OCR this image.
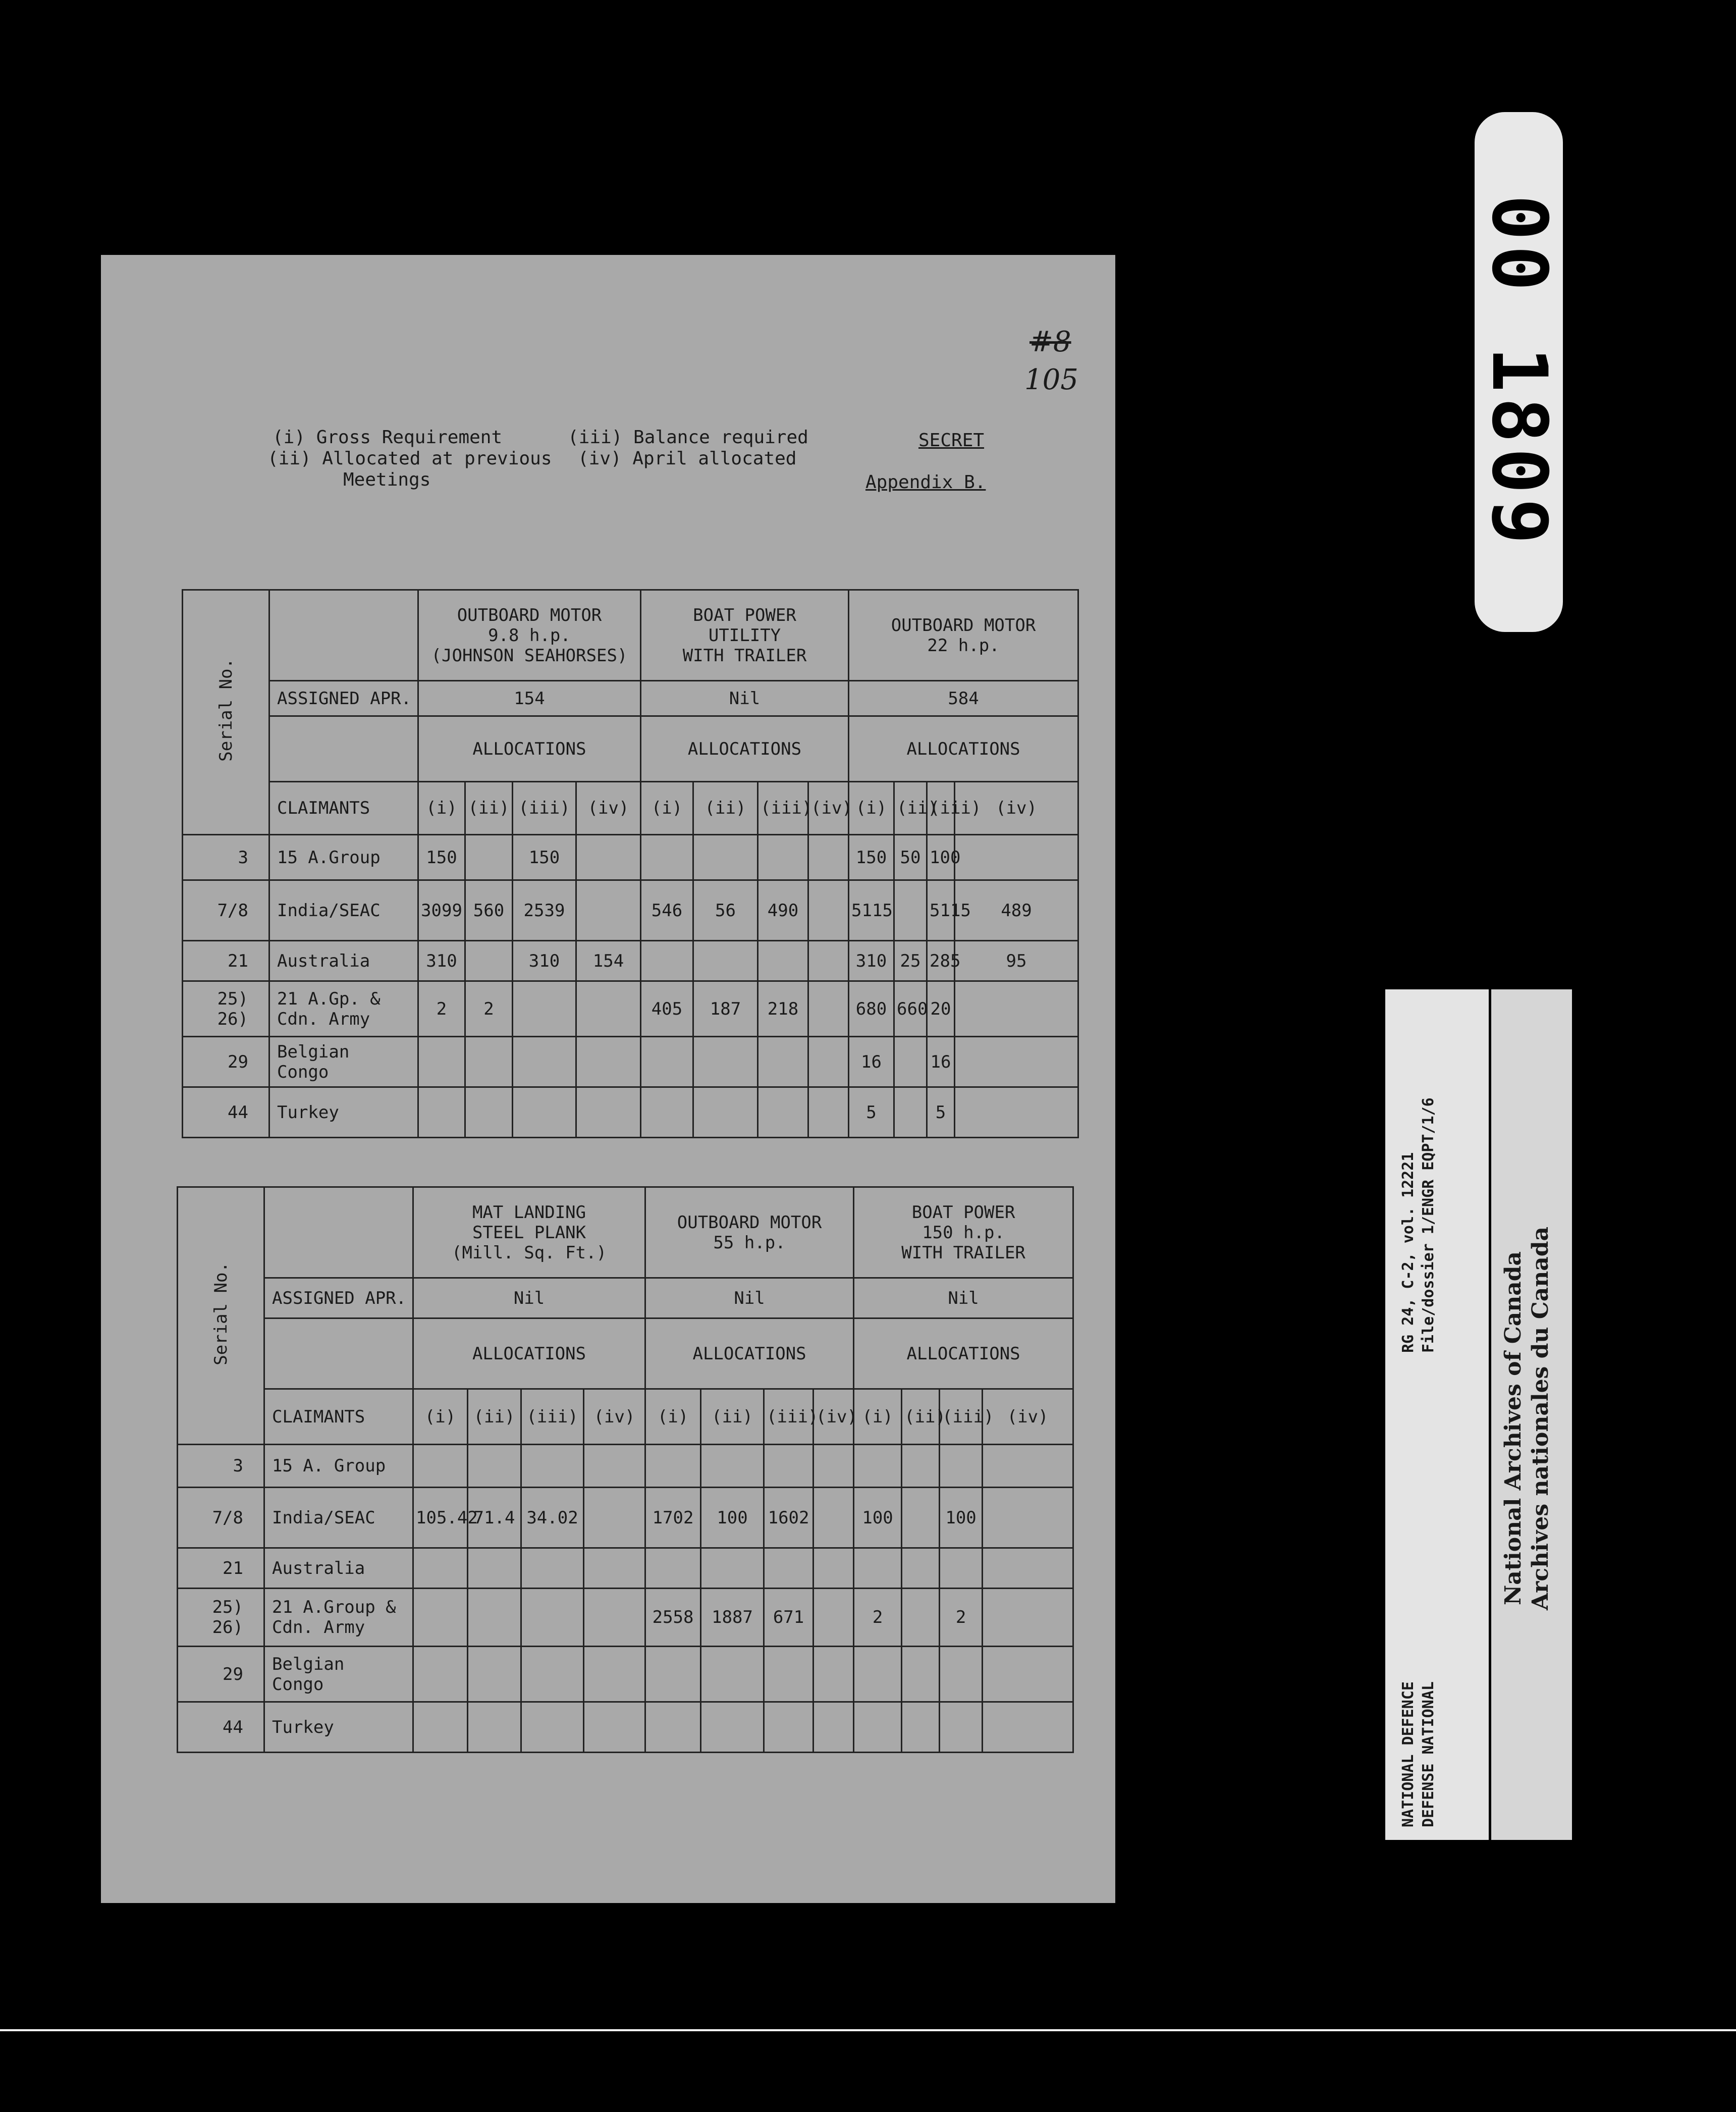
#8
105
(i) Gross Requirement
(ii) Allocated at previous
Meetings
(iii) Balance required
(iv) April allocated
SECRET
Appendix B.
Serial No.		OUTBOARD MOTOR
9.8 h.p.
(JOHNSON SEAHORSES)				BOAT POWER
UTILITY
WITH TRAILER				OUTBOARD MOTOR
22 h.p.			
	ASSIGNED APR.	154				Nil				584			
		ALLOCATIONS				ALLOCATIONS				ALLOCATIONS			
	CLAIMANTS	(i)	(ii)	(iii)	(iv)	(i)	(ii)	(iii)	(iv)	(i)	(ii)	(iii)	(iv)
3	15 A.Group	150		150						150	50	100	
7/8	India/SEAC	3099	560	2539		546	56	490		5115		5115	489
21	Australia	310		310	154					310	25	285	95
25)
26)	21 A.Gp. &
Cdn. Army	2	2			405	187	218		680	660	20	
29	Belgian
Congo									16		16	
44	Turkey									5		5	
Serial No.		MAT LANDING
STEEL PLANK
(Mill. Sq. Ft.)				OUTBOARD MOTOR
55 h.p.				BOAT POWER
150 h.p.
WITH TRAILER			
	ASSIGNED APR.	Nil				Nil				Nil			
		ALLOCATIONS				ALLOCATIONS				ALLOCATIONS			
	CLAIMANTS	(i)	(ii)	(iii)	(iv)	(i)	(ii)	(iii)	(iv)	(i)	(ii)	(iii)	(iv)
3	15 A. Group												
7/8	India/SEAC	105.42	71.4	34.02		1702	100	1602		100		100	
21	Australia												
25)
26)	21 A.Group &
Cdn. Army					2558	1887	671		2		2	
29	Belgian
Congo												
44	Turkey												
00 1809
RG 24, C-2, vol. 12221 File/dossier 1/ENGR EQPT/1/6
NATIONAL DEFENCE DEFENSE NATIONAL
National Archives of Canada Archives nationales du Canada
